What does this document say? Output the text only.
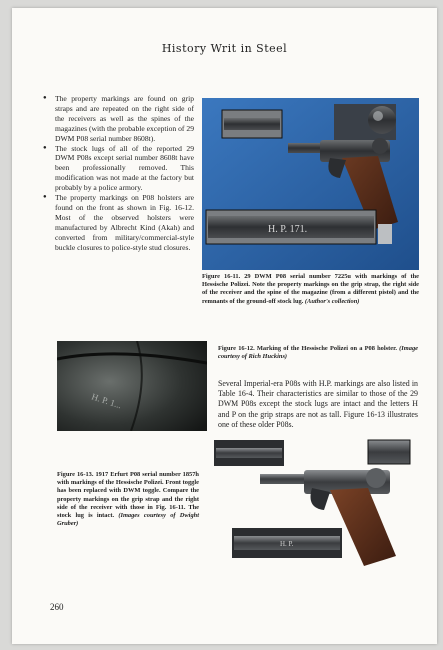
History Writ in Steel
● The property markings are found on grip straps and are repeated on the right side of the receivers as well as the spines of the magazines (with the probable exception of 29 DWM P08 serial number 8608t).
● The stock lugs of all of the reported 29 DWM P08s except serial number 8608t have been professionally removed. This modification was not made at the factory but probably by a police armory.
● The property markings on P08 holsters are found on the front as shown in Fig. 16-12. Most of the observed holsters were manufactured by Albrecht Kind (Akah) and converted from military/commercial-style buckle closures to police-style stud closures.
H. P. 171.
Figure 16-11. 29 DWM P08 serial number 7225u with markings of the Hessische Polizei. Note the property markings on the grip strap, the right side of the receiver and the spine of the magazine (from a different pistol) and the remnants of the ground-off stock lug. (Author's collection)
H. P. 1...
Figure 16-12. Marking of the Hessische Polizei on a P08 holster. (Image courtesy of Rich Huckins)

Several Imperial-era P08s with H.P. markings are also listed in Table 16-4. Their characteristics are similar to those of the 29 DWM P08s except the stock lugs are intact and the letters H and P on the grip straps are not as tall. Figure 16-13 illustrates one of these older P08s.

H. P.
Figure 16-13. 1917 Erfurt P08 serial number 1857h with markings of the Hessische Polizei. Front toggle has been replaced with DWM toggle. Compare the property markings on the grip strap and the right side of the receiver with those in Fig. 16-11. The stock lug is intact. (Images courtesy of Dwight Gruber)
260
